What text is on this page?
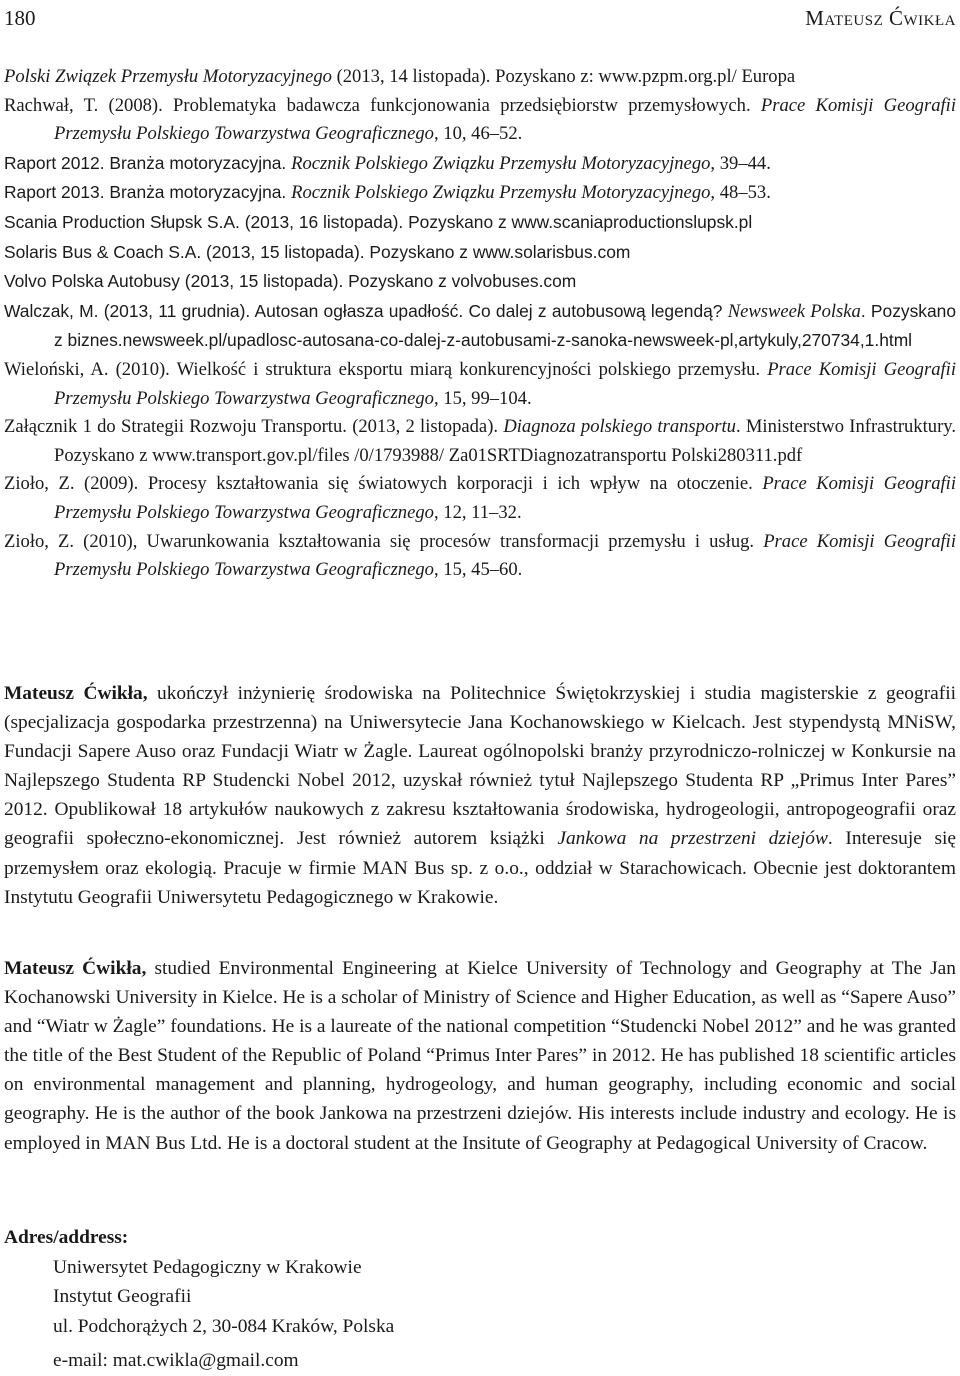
180	Mateusz Ćwikła
Polski Związek Przemysłu Motoryzacyjnego (2013, 14 listopada). Pozyskano z: www.pzpm.org.pl/ Europa
Rachwał, T. (2008). Problematyka badawcza funkcjonowania przedsiębiorstw przemysłowych. Prace Komisji Geografii Przemysłu Polskiego Towarzystwa Geograficznego, 10, 46–52.
Raport 2012. Branża motoryzacyjna. Rocznik Polskiego Związku Przemysłu Motoryzacyjnego, 39–44.
Raport 2013. Branża motoryzacyjna. Rocznik Polskiego Związku Przemysłu Motoryzacyjnego, 48–53.
Scania Production Słupsk S.A. (2013, 16 listopada). Pozyskano z www.scaniaproductionslupsk.pl
Solaris Bus & Coach S.A. (2013, 15 listopada). Pozyskano z www.solarisbus.com
Volvo Polska Autobusy (2013, 15 listopada). Pozyskano z volvobuses.com
Walczak, M. (2013, 11 grudnia). Autosan ogłasza upadłość. Co dalej z autobusową legendą? Newsweek Polska. Pozyskano z biznes.newsweek.pl/upadlosc-autosana-co-dalej-z-autobusami-z-sanoka-newsweek-pl,artykuly,270734,1.html
Wieloński, A. (2010). Wielkość i struktura eksportu miarą konkurencyjności polskiego przemysłu. Prace Komisji Geografii Przemysłu Polskiego Towarzystwa Geograficznego, 15, 99–104.
Załącznik 1 do Strategii Rozwoju Transportu. (2013, 2 listopada). Diagnoza polskiego transportu. Ministerstwo Infrastruktury. Pozyskano z www.transport.gov.pl/files /0/1793988/ Za01SRTDiagnozatransportu Polski280311.pdf
Zioło, Z. (2009). Procesy kształtowania się światowych korporacji i ich wpływ na otoczenie. Prace Komisji Geografii Przemysłu Polskiego Towarzystwa Geograficznego, 12, 11–32.
Zioło, Z. (2010), Uwarunkowania kształtowania się procesów transformacji przemysłu i usług. Prace Komisji Geografii Przemysłu Polskiego Towarzystwa Geograficznego, 15, 45–60.

Mateusz Ćwikła, ukończył inżynierię środowiska na Politechnice Świętokrzyskiej i studia magisterskie z geografii (specjalizacja gospodarka przestrzenna) na Uniwersytecie Jana Kochanowskiego w Kielcach. Jest stypendystą MNiSW, Fundacji Sapere Auso oraz Fundacji Wiatr w Żagle. Laureat ogólnopolski branży przyrodniczo-rolniczej w Konkursie na Najlepszego Studenta RP Studencki Nobel 2012, uzyskał również tytuł Najlepszego Studenta RP „Primus Inter Pares” 2012. Opublikował 18 artykułów naukowych z zakresu kształtowania środowiska, hydrogeologii, antropogeografii oraz geografii społeczno-ekonomicznej. Jest również autorem książki Jankowa na przestrzeni dziejów. Interesuje się przemysłem oraz ekologią. Pracuje w firmie MAN Bus sp. z o.o., oddział w Starachowicach. Obecnie jest doktorantem Instytutu Geografii Uniwersytetu Pedagogicznego w Krakowie.

Mateusz Ćwikła, studied Environmental Engineering at Kielce University of Technology and Geography at The Jan Kochanowski University in Kielce. He is a scholar of Ministry of Science and Higher Education, as well as “Sapere Auso” and “Wiatr w Żagle” foundations. He is a laureate of the national competition “Studencki Nobel 2012” and he was granted the title of the Best Student of the Republic of Poland “Primus Inter Pares” in 2012. He has published 18 scientific articles on environmental management and planning, hydrogeology, and human geography, including economic and social geography. He is the author of the book Jankowa na przestrzeni dziejów. His interests include industry and ecology. He is employed in MAN Bus Ltd. He is a doctoral student at the Insitute of Geography at Pedagogical University of Cracow.

Adres/address:
Uniwersytet Pedagogiczny w Krakowie
Instytut Geografii
ul. Podchorążych 2, 30-084 Kraków, Polska
e-mail: mat.cwikla@gmail.com
